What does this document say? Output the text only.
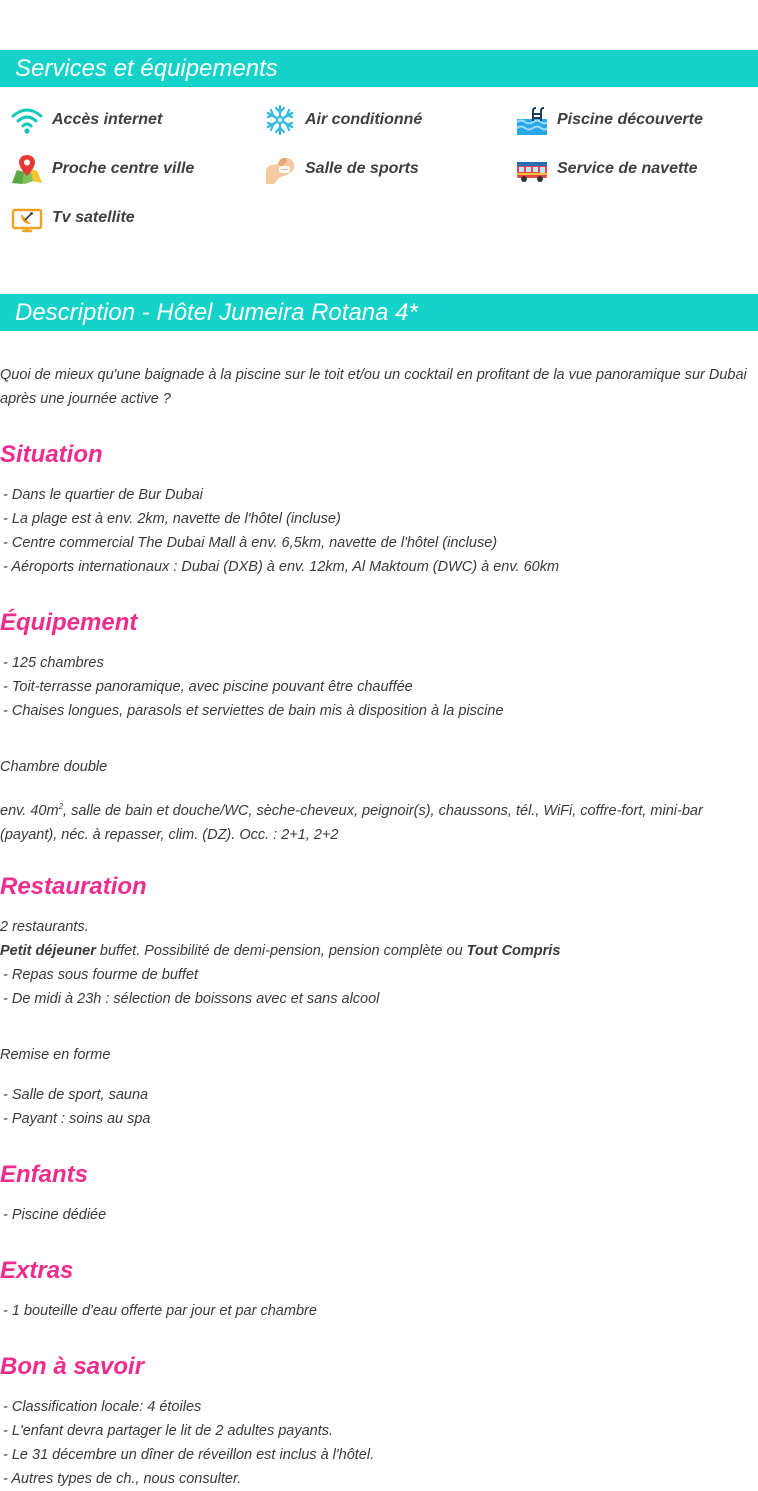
Services et équipements
Accès internet	Air conditionné	Piscine découverte
Proche centre ville	Salle de sports	Service de navette
Tv satellite
Description - Hôtel Jumeira Rotana 4*
Quoi de mieux qu'une baignade à la piscine sur le toit et/ou un cocktail en profitant de la vue panoramique sur Dubai après une journée active ?
Situation
- Dans le quartier de Bur Dubai
- La plage est à env. 2km, navette de l'hôtel (incluse)
- Centre commercial The Dubai Mall à env. 6,5km, navette de l'hôtel (incluse)
- Aéroports internationaux : Dubai (DXB) à env. 12km, Al Maktoum (DWC) à env. 60km
Équipement
- 125 chambres
- Toit-terrasse panoramique, avec piscine pouvant être chauffée
- Chaises longues, parasols et serviettes de bain mis à disposition à la piscine
Chambre double
env. $40m^2$, salle de bain et douche/WC, sèche-cheveux, peignoir(s), chaussons, tél., WiFi, coffre-fort, mini-bar (payant), néc. à repasser, clim. (DZ). Occ. : 2+1, 2+2
Restauration
2 restaurants.
Petit déjeuner buffet. Possibilité de demi-pension, pension complète ou Tout Compris
- Repas sous fourme de buffet
- De midi à 23h : sélection de boissons avec et sans alcool
Remise en forme
- Salle de sport, sauna
- Payant : soins au spa
Enfants
- Piscine dédiée
Extras
- 1 bouteille d'eau offerte par jour et par chambre
Bon à savoir
- Classification locale: 4 étoiles
- L'enfant devra partager le lit de 2 adultes payants.
- Le 31 décembre un dîner de réveillon est inclus à l'hôtel.
- Autres types de ch., nous consulter.
